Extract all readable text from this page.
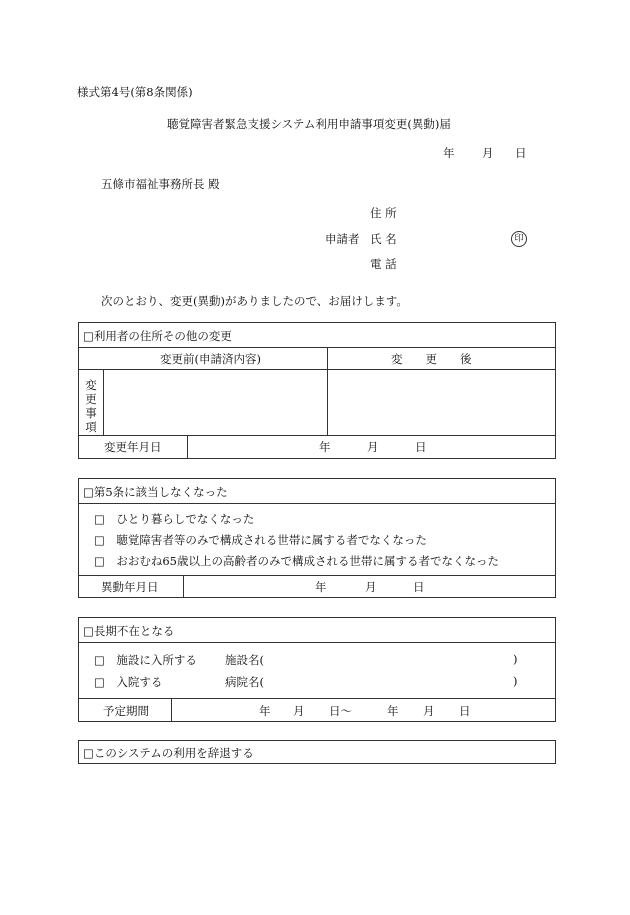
様式第4号(第8条関係)
聴覚障害者緊急支援システム利用申請事項変更(異動)届
年 月 日
五條市福祉事務所長 殿
住 所
申請者 氏 名	印
電 話
次のとおり、変更(異動)がありましたので、お届けします。
□利用者の住所その他の変更
変更前(申請済内容)	変　　更　　後
変更事項
変更年月日	年	月	日
□第5条に該当しなくなった
□　ひとり暮らしでなくなった
□　聴覚障害者等のみで構成される世帯に属する者でなくなった
□　おおむね65歳以上の高齢者のみで構成される世帯に属する者でなくなった
異動年月日	年	月	日
□長期不在となる
□　施設に入所する 施設名(	)
□　入院する	病院名(	)
予定期間	年 月 日〜	年 月 日
□このシステムの利用を辞退する
